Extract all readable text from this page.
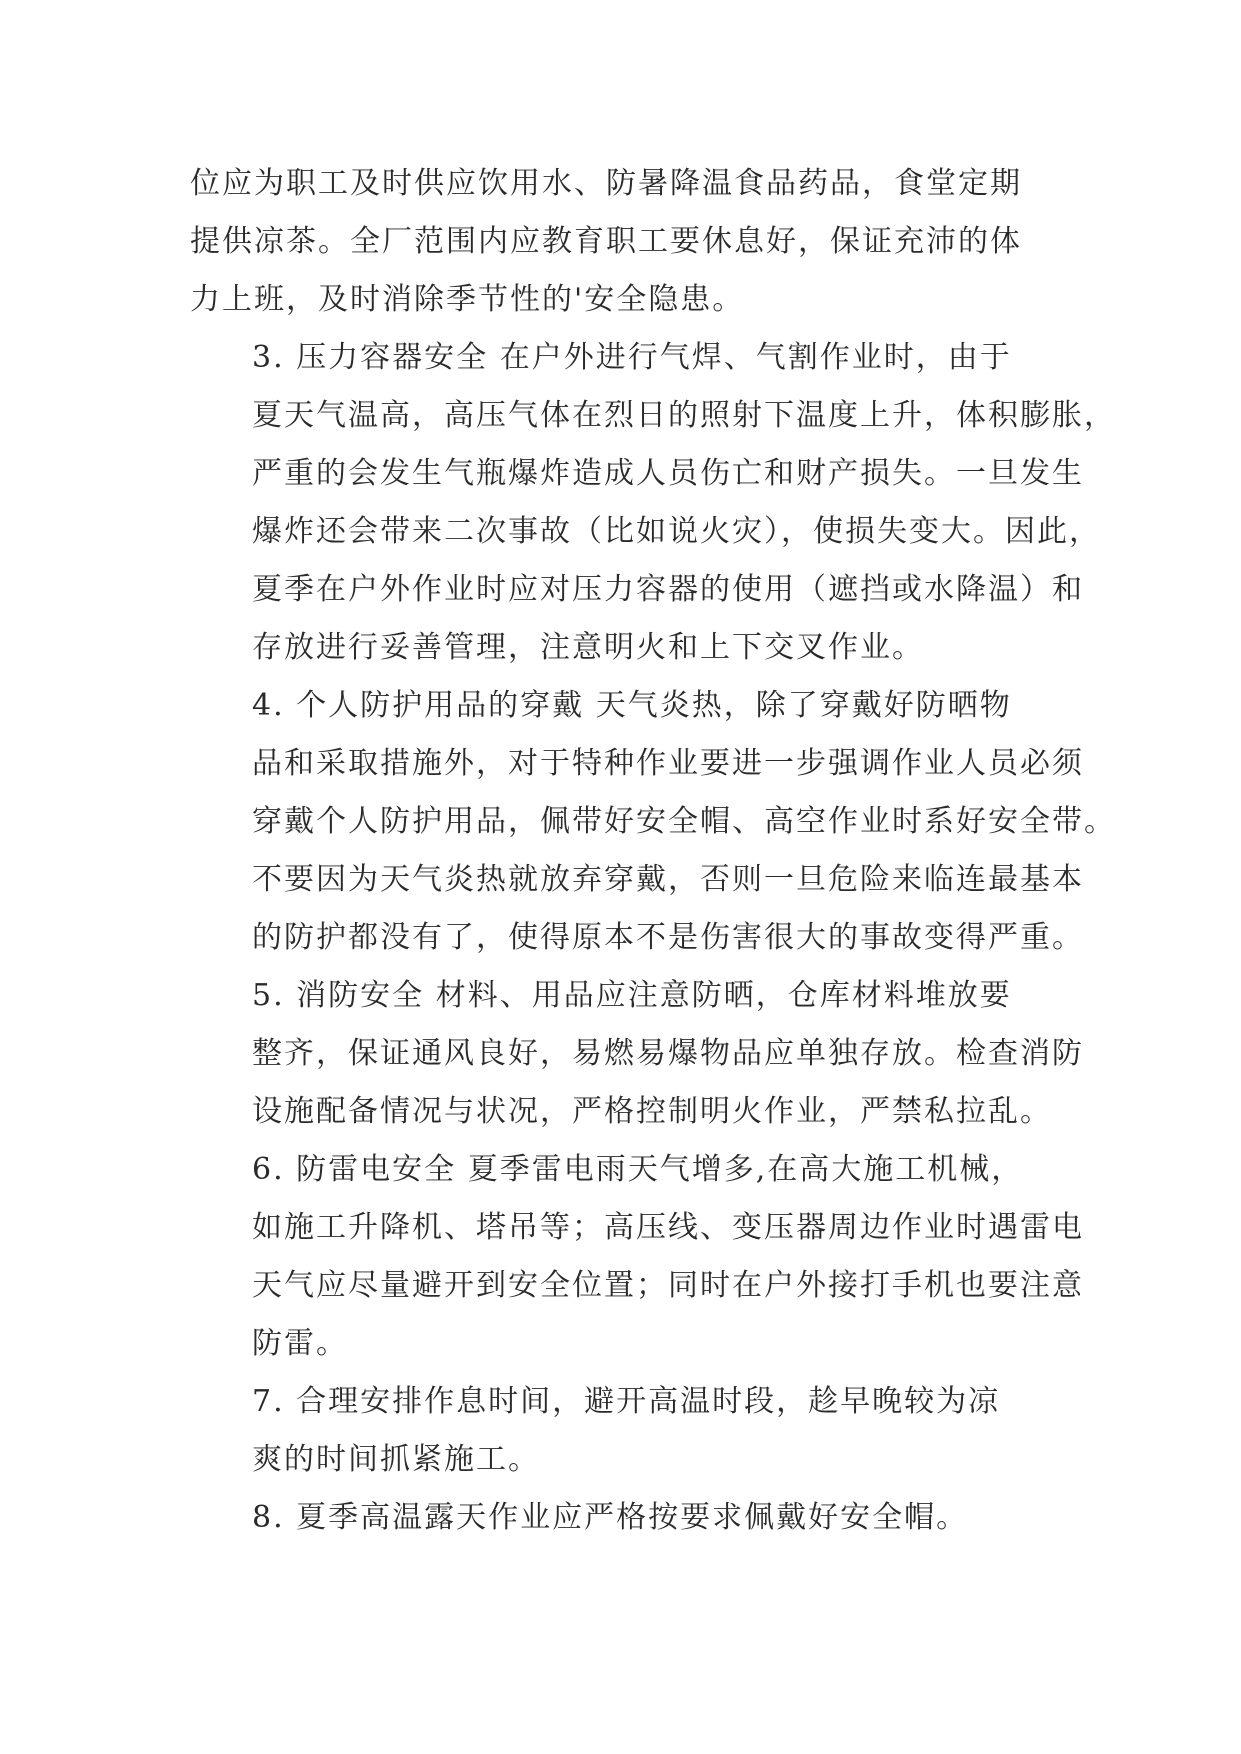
位应为职工及时供应饮用水、防暑降温食品药品，食堂定期
提供凉茶。全厂范围内应教育职工要休息好，保证充沛的体
力上班，及时消除季节性的'安全隐患。

3. 压力容器安全 在户外进行气焊、气割作业时，由于
夏天气温高，高压气体在烈日的照射下温度上升，体积膨胀，
严重的会发生气瓶爆炸造成人员伤亡和财产损失。一旦发生
爆炸还会带来二次事故（比如说火灾），使损失变大。因此，
夏季在户外作业时应对压力容器的使用（遮挡或水降温）和
存放进行妥善管理，注意明火和上下交叉作业。

4. 个人防护用品的穿戴 天气炎热，除了穿戴好防晒物
品和采取措施外，对于特种作业要进一步强调作业人员必须
穿戴个人防护用品，佩带好安全帽、高空作业时系好安全带。
不要因为天气炎热就放弃穿戴，否则一旦危险来临连最基本
的防护都没有了，使得原本不是伤害很大的事故变得严重。

5. 消防安全 材料、用品应注意防晒，仓库材料堆放要
整齐，保证通风良好，易燃易爆物品应单独存放。检查消防
设施配备情况与状况，严格控制明火作业，严禁私拉乱。

6. 防雷电安全 夏季雷电雨天气增多,在高大施工机械，
如施工升降机、塔吊等；高压线、变压器周边作业时遇雷电
天气应尽量避开到安全位置；同时在户外接打手机也要注意
防雷。

7. 合理安排作息时间，避开高温时段，趁早晚较为凉
爽的时间抓紧施工。

8. 夏季高温露天作业应严格按要求佩戴好安全帽。
